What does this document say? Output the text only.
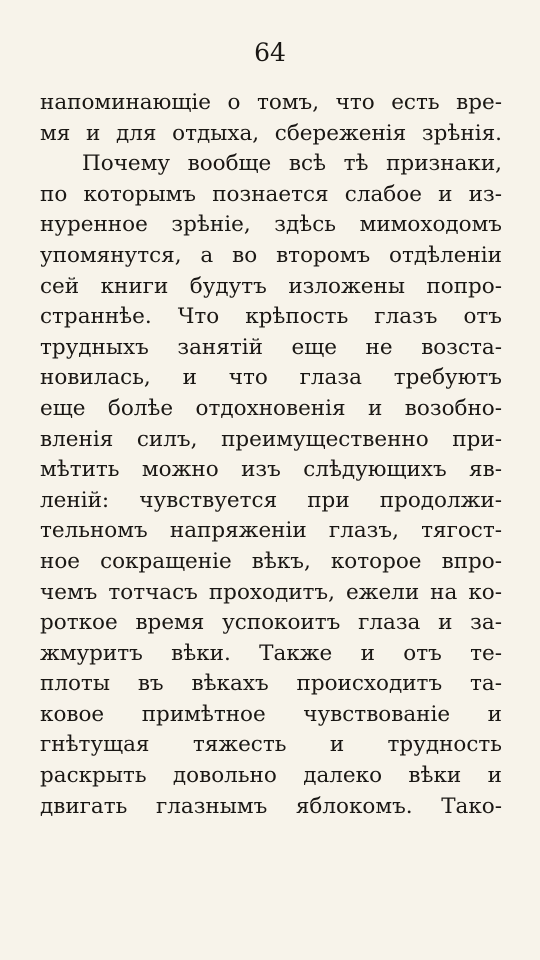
64
напоминающіе о томъ, что есть вре-
мя и для отдыха, сбереженія зрѣнія.
Почему вообще всѣ тѣ признаки,
по которымъ познается слабое и из-
нуренное зрѣніе, здѣсь мимоходомъ
упомянутся, а во второмъ отдѣленіи
сей книги будутъ изложены попро-
страннѣе. Что крѣпость глазъ отъ
трудныхъ занятій еще не возста-
новилась, и что глаза требуютъ
еще болѣе отдохновенія и возобно-
вленія силъ, преимущественно при-
мѣтить можно изъ слѣдующихъ яв-
леній: чувствуется при продолжи-
тельномъ напряженіи глазъ, тягост-
ное сокращеніе вѣкъ, которое впро-
чемъ тотчасъ проходитъ, ежели на ко-
роткое время успокоитъ глаза и за-
жмуритъ вѣки. Также и отъ те-
плоты въ вѣкахъ происходитъ та-
ковое примѣтное чувствованіе и
гнѣтущая тяжесть и трудность
раскрыть довольно далеко вѣки и
двигать глазнымъ яблокомъ. Тако-
